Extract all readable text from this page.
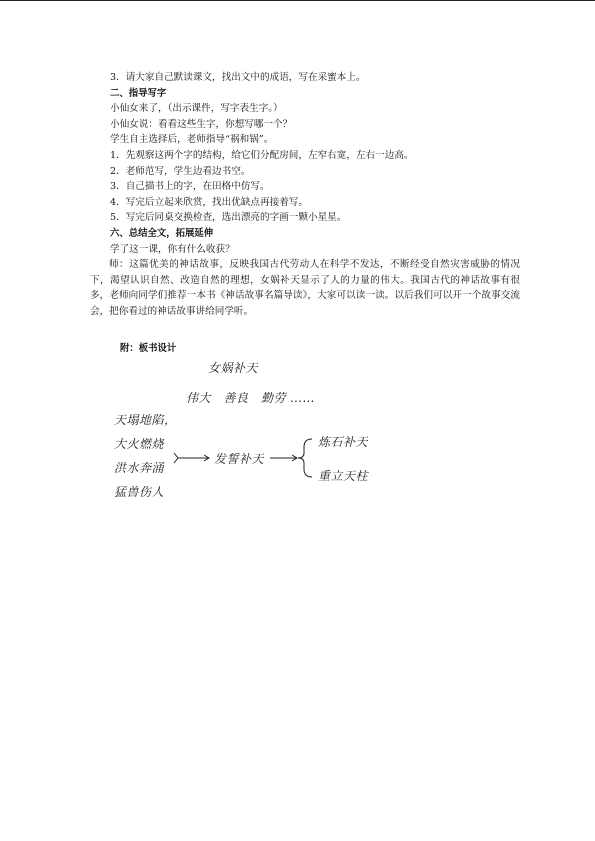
3．请大家自己默读课文，找出文中的成语，写在采蜜本上。
二、指导写字
小仙女来了，（出示课件，写字表生字。）
小仙女说：看看这些生字，你想写哪一个？
学生自主选择后，老师指导“祸和锅”。
1．先观察这两个字的结构，给它们分配房间，左窄右宽，左右一边高。
2．老师范写，学生边看边书空。
3．自己描书上的字，在田格中仿写。
4．写完后立起来欣赏，找出优缺点再接着写。
5．写完后同桌交换检查，选出漂亮的字画一颗小星星。
六、总结全文，拓展延伸
学了这一课，你有什么收获？
师：这篇优美的神话故事，反映我国古代劳动人在科学不发达，不断经受自然灾害威胁的情况下，渴望认识自然、改造自然的理想，女娲补天显示了人的力量的伟大。我国古代的神话故事有很多，老师向同学们推荐一本书《神话故事名篇导读》，大家可以读一读。以后我们可以开一个故事交流会，把你看过的神话故事讲给同学听。
附：板书设计
女娲补天
伟大　善良　勤劳 ……
天塌地陷，
大火燃烧
洪水奔涌
猛兽伤人
发誓补天
炼石补天
重立天柱
